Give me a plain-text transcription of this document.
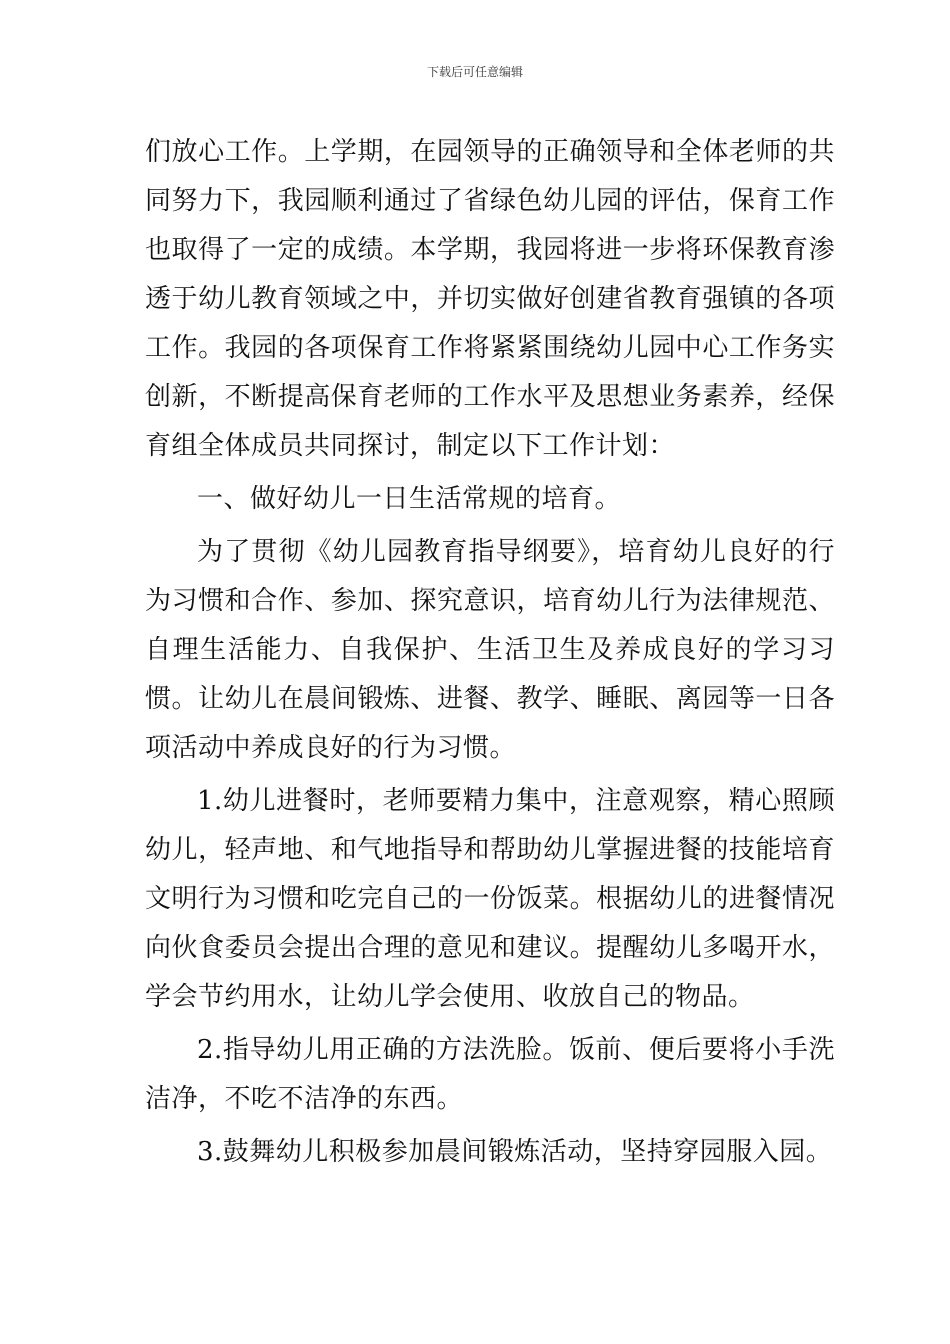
下载后可任意编辑

们放心工作。上学期，在园领导的正确领导和全体老师的共同努力下，我园顺利通过了省绿色幼儿园的评估，保育工作也取得了一定的成绩。本学期，我园将进一步将环保教育渗透于幼儿教育领域之中，并切实做好创建省教育强镇的各项工作。我园的各项保育工作将紧紧围绕幼儿园中心工作务实创新，不断提高保育老师的工作水平及思想业务素养，经保育组全体成员共同探讨，制定以下工作计划：

一、做好幼儿一日生活常规的培育。

为了贯彻《幼儿园教育指导纲要》，培育幼儿良好的行为习惯和合作、参加、探究意识，培育幼儿行为法律规范、自理生活能力、自我保护、生活卫生及养成良好的学习习惯。让幼儿在晨间锻炼、进餐、教学、睡眠、离园等一日各项活动中养成良好的行为习惯。

1.幼儿进餐时，老师要精力集中，注意观察，精心照顾幼儿，轻声地、和气地指导和帮助幼儿掌握进餐的技能培育文明行为习惯和吃完自己的一份饭菜。根据幼儿的进餐情况向伙食委员会提出合理的意见和建议。提醒幼儿多喝开水，学会节约用水，让幼儿学会使用、收放自己的物品。

2.指导幼儿用正确的方法洗脸。饭前、便后要将小手洗洁净，不吃不洁净的东西。

3.鼓舞幼儿积极参加晨间锻炼活动，坚持穿园服入园。
